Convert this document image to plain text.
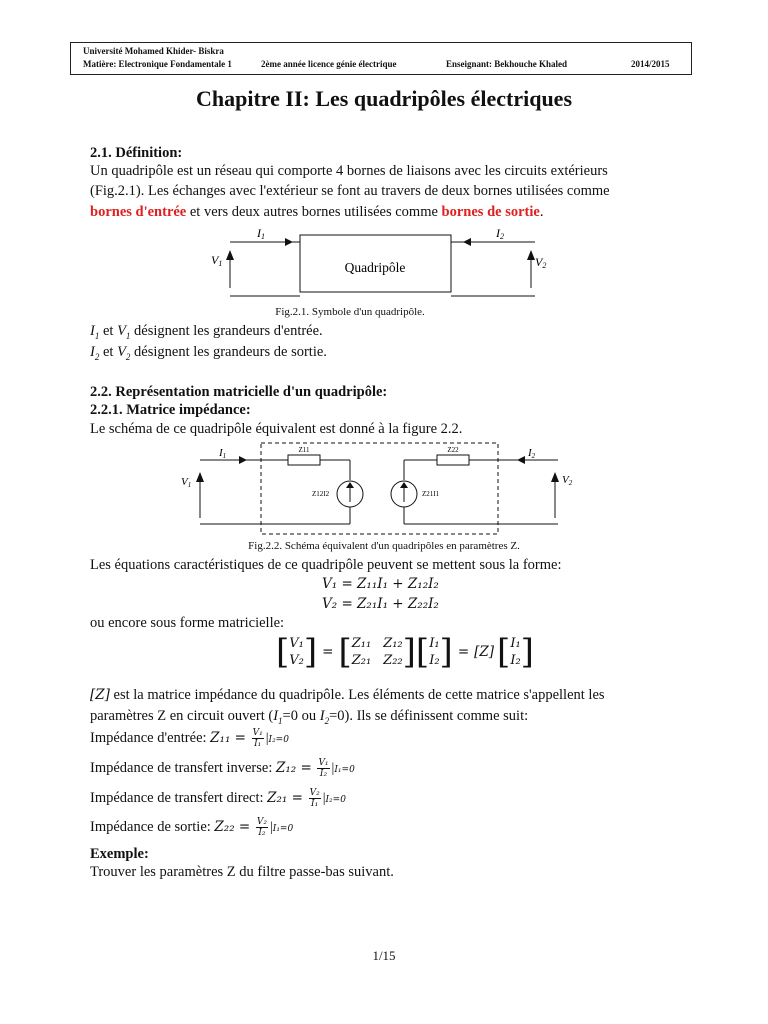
Université Mohamed Khider- Biskra
Matière: Electronique Fondamentale 1	2ème année licence génie électrique	Enseignant: Bekhouche Khaled	2014/2015
Chapitre II: Les quadripôles électriques
2.1. Définition:
Un quadripôle est un réseau qui comporte 4 bornes de liaisons avec les circuits extérieurs
(Fig.2.1). Les échanges avec l'extérieur se font au travers de deux bornes utilisées comme
bornes d'entrée et vers deux autres bornes utilisées comme bornes de sortie.
Quadripôle
I1	I2
V1	V2
Fig.2.1. Symbole d'un quadripôle.
$I_1$ et $V_1$ désignent les grandeurs d'entrée.
$I_2$ et $V_2$ désignent les grandeurs de sortie.
2.2. Représentation matricielle d'un quadripôle:
2.2.1. Matrice impédance:
Le schéma de ce quadripôle équivalent est donné à la figure 2.2.
I1	I2
V1	V2
Z11	Z22
Z12I2	Z21I1
Fig.2.2. Schéma équivalent d'un quadripôles en paramètres Z.
Les équations caractéristiques de ce quadripôle peuvent se mettent sous la forme:
V₁ = Z₁₁I₁ + Z₁₂I₂
V₂ = Z₂₁I₁ + Z₂₂I₂
ou encore sous forme matricielle:
[ V₁
V₂ ] = [ Z₁₁ Z₁₂
Z₂₁ Z₂₂ ] [ I₁
I₂ ] = [Z] [ I₁
I₂ ]
[Z] est la matrice impédance du quadripôle. Les éléments de cette matrice s'appellent les
paramètres Z en circuit ouvert ($I_1=0$ ou $I_2=0$). Ils se définissent comme suit:
Impédance d'entrée: $Z_{11} = \frac{\text{V₁}}{\text{I₁}} |I_2=0$
Impédance de transfert inverse: $Z_{12} = \frac{\text{V₁}}{\text{I₂}} |I_1=0$
Impédance de transfert direct: $Z_{21} = \frac{\text{V₂}}{\text{I₁}} |I_2=0$
Impédance de sortie: $Z_{22} = \frac{\text{V₂}}{\text{I₂}} |I_1=0$
Exemple:
Trouver les paramètres Z du filtre passe-bas suivant.
1/15
